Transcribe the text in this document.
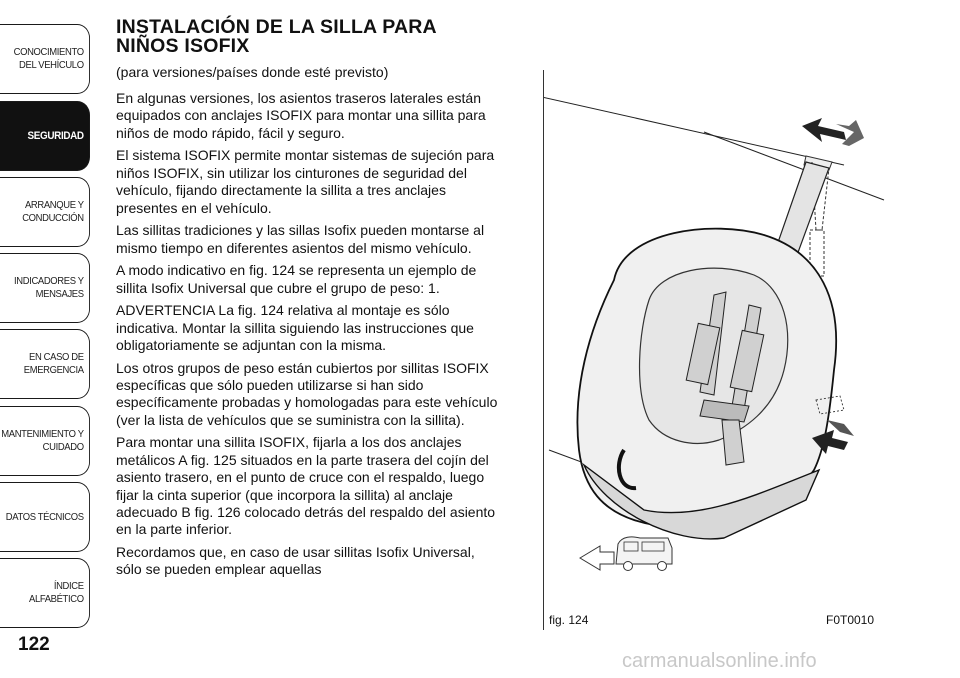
CONOCIMIENTO
DEL VEHÍCULO
SEGURIDAD
ARRANQUE Y
CONDUCCIÓN
INDICADORES Y
MENSAJES
EN CASO DE
EMERGENCIA
MANTENIMIENTO Y
CUIDADO
DATOS TÉCNICOS
ÍNDICE ALFABÉTICO
122
INSTALACIÓN DE LA SILLA PARA
NIÑOS ISOFIX
(para versiones/países donde esté previsto)

En algunas versiones, los asientos traseros laterales están equipados con anclajes ISOFIX para montar una sillita para niños de modo rápido, fácil y seguro.

El sistema ISOFIX permite montar sistemas de sujeción para niños ISOFIX, sin utilizar los cinturones de seguridad del vehículo, fijando directamente la sillita a tres anclajes presentes en el vehículo.

Las sillitas tradiciones y las sillas Isofix pueden montarse al mismo tiempo en diferentes asientos del mismo vehículo.

A modo indicativo en fig. 124 se representa un ejemplo de sillita Isofix Universal que cubre el grupo de peso: 1.

ADVERTENCIA La fig. 124 relativa al montaje es sólo indicativa. Montar la sillita siguiendo las instrucciones que obligatoriamente se adjuntan con la misma.

Los otros grupos de peso están cubiertos por sillitas ISOFIX específicas que sólo pueden utilizarse si han sido específicamente probadas y homologadas para este vehículo (ver la lista de vehículos que se suministra con la sillita).

Para montar una sillita ISOFIX, fijarla a los dos anclajes metálicos A fig. 125 situados en la parte trasera del cojín del asiento trasero, en el punto de cruce con el respaldo, luego fijar la cinta superior (que incorpora la sillita) al anclaje adecuado B fig. 126 colocado detrás del respaldo del asiento en la parte inferior.

Recordamos que, en caso de usar sillitas Isofix Universal, sólo se pueden emplear aquellas

fig. 124	F0T0010
carmanualsonline.info
